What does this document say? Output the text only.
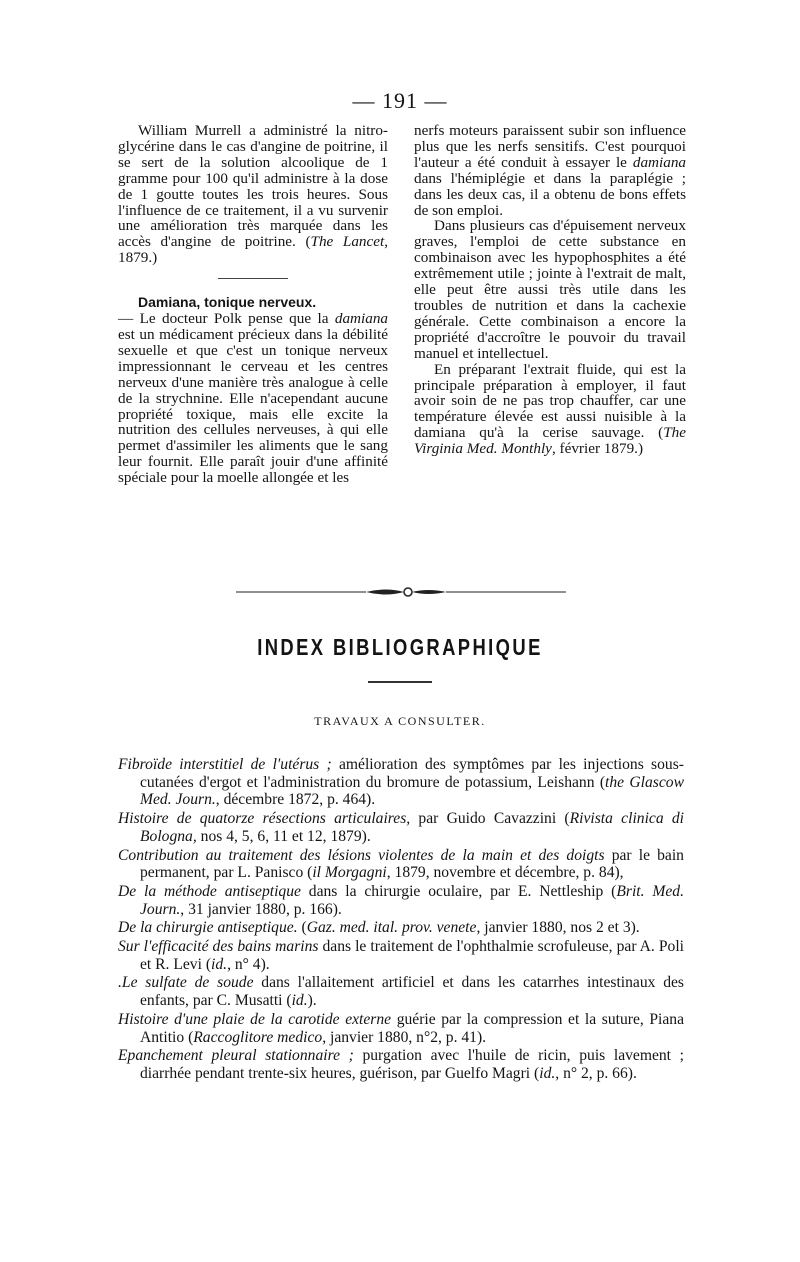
— 191 —

William Murrell a administré la nitro-glycérine dans le cas d'angine de poitrine, il se sert de la solution alcoolique de 1 gramme pour 100 qu'il administre à la dose de 1 goutte toutes les trois heures. Sous l'influence de ce traitement, il a vu survenir une amélioration très marquée dans les accès d'angine de poitrine. (The Lancet, 1879.)

Damiana, tonique nerveux.
— Le docteur Polk pense que la damiana est un médicament précieux dans la débilité sexuelle et que c'est un tonique nerveux impressionnant le cerveau et les centres nerveux d'une manière très analogue à celle de la strychnine. Elle n'acependant aucune propriété toxique, mais elle excite la nutrition des cellules nerveuses, à qui elle permet d'assimiler les aliments que le sang leur fournit. Elle paraît jouir d'une affinité spéciale pour la moelle allongée et les

nerfs moteurs paraissent subir son influence plus que les nerfs sensitifs. C'est pourquoi l'auteur a été conduit à essayer le damiana dans l'hémiplégie et dans la paraplégie ; dans les deux cas, il a obtenu de bons effets de son emploi.

Dans plusieurs cas d'épuisement nerveux graves, l'emploi de cette substance en combinaison avec les hypophosphites a été extrêmement utile ; jointe à l'extrait de malt, elle peut être aussi très utile dans les troubles de nutrition et dans la cachexie générale. Cette combinaison a encore la propriété d'accroître le pouvoir du travail manuel et intellectuel.

En préparant l'extrait fluide, qui est la principale préparation à employer, il faut avoir soin de ne pas trop chauffer, car une température élevée est aussi nuisible à la damiana qu'à la cerise sauvage. (The Virginia Med. Monthly, février 1879.)

INDEX BIBLIOGRAPHIQUE
TRAVAUX A CONSULTER.

Fibroïde interstitiel de l'utérus ; amélioration des symptômes par les injections sous-cutanées d'ergot et l'administration du bromure de potassium, Leishann (the Glascow Med. Journ., décembre 1872, p. 464).

Histoire de quatorze résections articulaires, par Guido Cavazzini (Rivista clinica di Bologna, nos 4, 5, 6, 11 et 12, 1879).

Contribution au traitement des lésions violentes de la main et des doigts par le bain permanent, par L. Panisco (il Morgagni, 1879, novembre et décembre, p. 84),

De la méthode antiseptique dans la chirurgie oculaire, par E. Nettleship (Brit. Med. Journ., 31 janvier 1880, p. 166).

De la chirurgie antiseptique. (Gaz. med. ital. prov. venete, janvier 1880, nos 2 et 3).

Sur l'efficacité des bains marins dans le traitement de l'ophthalmie scrofuleuse, par A. Poli et R. Levi (id., n° 4).

.Le sulfate de soude dans l'allaitement artificiel et dans les catarrhes intestinaux des enfants, par C. Musatti (id.).

Histoire d'une plaie de la carotide externe guérie par la compression et la suture, Piana Antitio (Raccoglitore medico, janvier 1880, n°2, p. 41).

Epanchement pleural stationnaire ; purgation avec l'huile de ricin, puis lavement ; diarrhée pendant trente-six heures, guérison, par Guelfo Magri (id., n° 2, p. 66).
